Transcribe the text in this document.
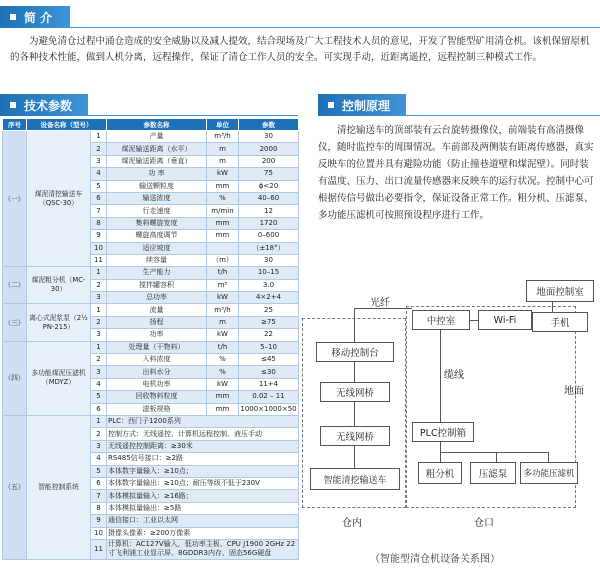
简 介

为避免清仓过程中涌仓造成的安全威胁以及减人提效，结合现场及广大工程技术人员的意见，开发了智能型矿用清仓机。该机保留原机的各种技术性能，做到人机分离，远程操作，保证了清仓工作人员的安全。可实现手动，近距离遥控，远程控制三种模式工作。

技术参数
序号	设备名称（型号）		参数名称	单位	参数
（一）	煤泥清挖输送车（QSC-30）	1	产量	m³/h	30
		2	煤泥输送距离（水平）	m	2000
		3	煤泥输送距离（垂直）	m	200
		4	功 率	kW	75
		5	输送颗粒度	mm	ϕ<20
		6	输送浓度	%	40–60
		7	行走速度	m/min	12
		8	集料螺旋宽度	mm	1720
		9	螺旋高度调节	mm	0–600
		10	适应坡度		（±18°）
		11	续容量	（m）	30
（二）	煤泥粗分机（MC-30）	1	生产能力	t/h	10–15
		2	搅拌罐容积	m³	3.0
		3	总功率	kW	4×2+4
（三）	离心式泥浆泵（2½ PN-215）	1	流量	m³/h	25
		2	扬程	m	≥75
		3	功率	kW	22
（四）	多功能煤泥压滤机（MDYZ）	1	处理量（干物料）	t/h	5–10
		2	入料浓度	%	≤45
		3	出料水分	%	≤30
		4	电机功率	kW	11+4
		5	回收物料粒度	mm	0.02 – 11
		6	滤板规格	mm	1000×1000×50
（五）	智能控制系统	1	PLC：西门子1200系列		
		2	控制方式：无线遥控、计算机远程控制、液压手动		
		3	无线遥控控制距离：≥30米		
		4	RS485信号接口：≥2路		
		5	本体数字量输入：≥10点；		
		6	本体数字量输出：≥10点；耐压等级不低于230V		
		7	本体模拟量输入：≥16路；		
		8	本体模拟量输出：≥5路		
		9	通信接口：工业以太网		
		10	摄像头像素：≥200万像素		
		11	计算机：AC127V输入，低功率主板、CPU J1900 2GHz 22寸飞利浦工业显示屏、8GDDR3内存、固态56G硬盘		
控制原理

清挖输送车的顶部装有云台旋转摄像仪，前端装有高清摄像仪，随时监控车的周围情况。车前部及两侧装有距离传感器，真实反映车的位置并具有避险功能（防止撞巷道壁和煤泥壁）。同时装有温度、压力、出口流量传感器来反映车的运行状况。控制中心可根据传信号做出必要指令，保证设备正常工作。粗分机、压滤泵、多功能压滤机可按照预设程序进行工作。

地面控制室
手机
中控室	Wi-Fi
移动控制台
无线网桥
无线网桥
智能清挖输送车
PLC控制箱
粗分机	压滤泵	多功能压滤机
光纤
缆线
地面
仓内	仓口
（智能型清仓机设备关系图）
